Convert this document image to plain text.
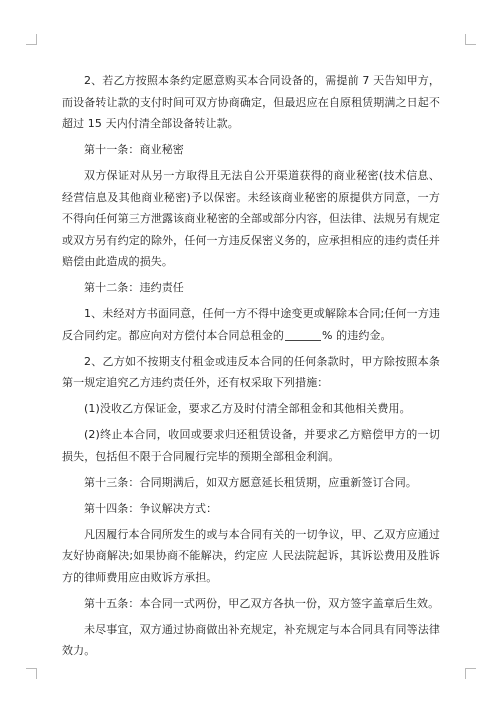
2、若乙方按照本条约定愿意购买本合同设备的，需提前 7 天告知甲方，而设备转让款的支付时间可双方协商确定，但最迟应在自原租赁期满之日起不超过 15 天内付清全部设备转让款。

第十一条：商业秘密

双方保证对从另一方取得且无法自公开渠道获得的商业秘密(技术信息、经营信息及其他商业秘密)予以保密。未经该商业秘密的原提供方同意，一方不得向任何第三方泄露该商业秘密的全部或部分内容，但法律、法规另有规定或双方另有约定的除外，任何一方违反保密义务的，应承担相应的违约责任并赔偿由此造成的损失。

第十二条：违约责任

1、未经对方书面同意，任何一方不得中途变更或解除本合同;任何一方违反合同约定。都应向对方偿付本合同总租金的	% 的违约金。

2、乙方如不按期支付租金或违反本合同的任何条款时，甲方除按照本条第一规定追究乙方违约责任外，还有权采取下列措施：

(1)没收乙方保证金，要求乙方及时付清全部租金和其他相关费用。

(2)终止本合同，收回或要求归还租赁设备，并要求乙方赔偿甲方的一切损失，包括但不限于合同履行完毕的预期全部租金利润。

第十三条：合同期满后，如双方愿意延长租赁期，应重新签订合同。

第十四条：争议解决方式：

凡因履行本合同所发生的或与本合同有关的一切争议，甲、乙双方应通过友好协商解决;如果协商不能解决，约定应 人民法院起诉，其诉讼费用及胜诉方的律师费用应由败诉方承担。

第十五条：本合同一式两份，甲乙双方各执一份，双方签字盖章后生效。

未尽事宜，双方通过协商做出补充规定，补充规定与本合同具有同等法律效力。
